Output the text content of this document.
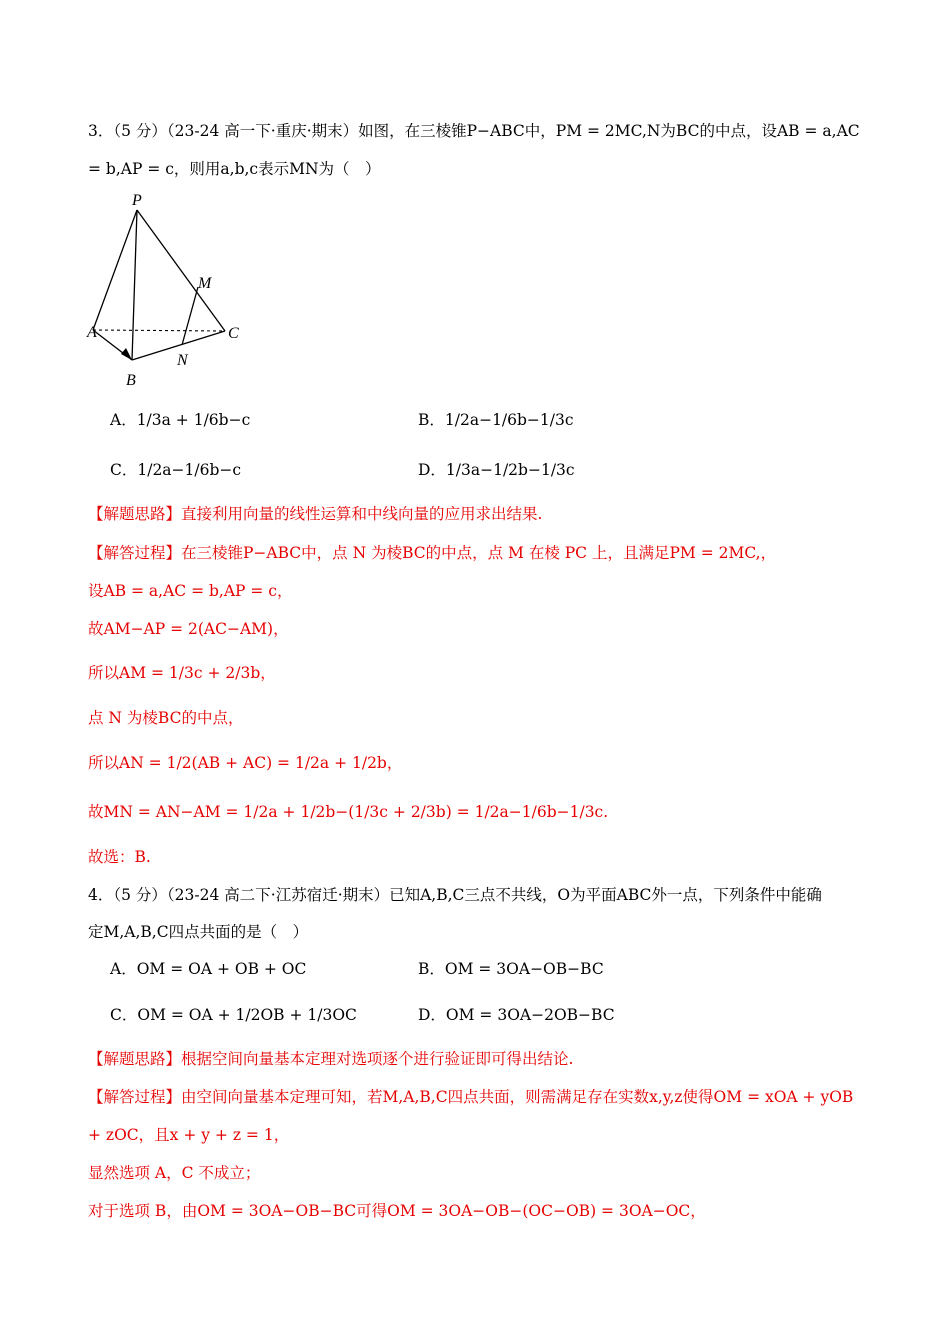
3．（5 分）（23-24 高一下·重庆·期末）如图，在三棱锥P−ABC中，PM = 2MC,N为BC的中点，设AB = a,AC
= b,AP = c，则用a,b,c表示MN为（　）
P
M
A	C
N
B
A．1/3a + 1/6b−c	B．1/2a−1/6b−1/3c
C．1/2a−1/6b−c	D．1/3a−1/2b−1/3c
【解题思路】直接利用向量的线性运算和中线向量的应用求出结果.
【解答过程】在三棱锥P−ABC中，点 N 为棱BC的中点，点 M 在棱 PC 上，且满足PM = 2MC,，
设AB = a,AC = b,AP = c，
故AM−AP = 2(AC−AM)，
所以AM = 1/3c + 2/3b，
点 N 为棱BC的中点，
所以AN = 1/2(AB + AC) = 1/2a + 1/2b，
故MN = AN−AM = 1/2a + 1/2b−(1/3c + 2/3b) = 1/2a−1/6b−1/3c.
故选：B.
4．（5 分）（23-24 高二下·江苏宿迁·期末）已知A,B,C三点不共线，O为平面ABC外一点，下列条件中能确
定M,A,B,C四点共面的是（　）
A．OM = OA + OB + OC	B．OM = 3OA−OB−BC
C．OM = OA + 1/2OB + 1/3OC	D．OM = 3OA−2OB−BC
【解题思路】根据空间向量基本定理对选项逐个进行验证即可得出结论.
【解答过程】由空间向量基本定理可知，若M,A,B,C四点共面，则需满足存在实数x,y,z使得OM = xOA + yOB
+ zOC，且x + y + z = 1，
显然选项 A，C 不成立；
对于选项 B，由OM = 3OA−OB−BC可得OM = 3OA−OB−(OC−OB) = 3OA−OC，
